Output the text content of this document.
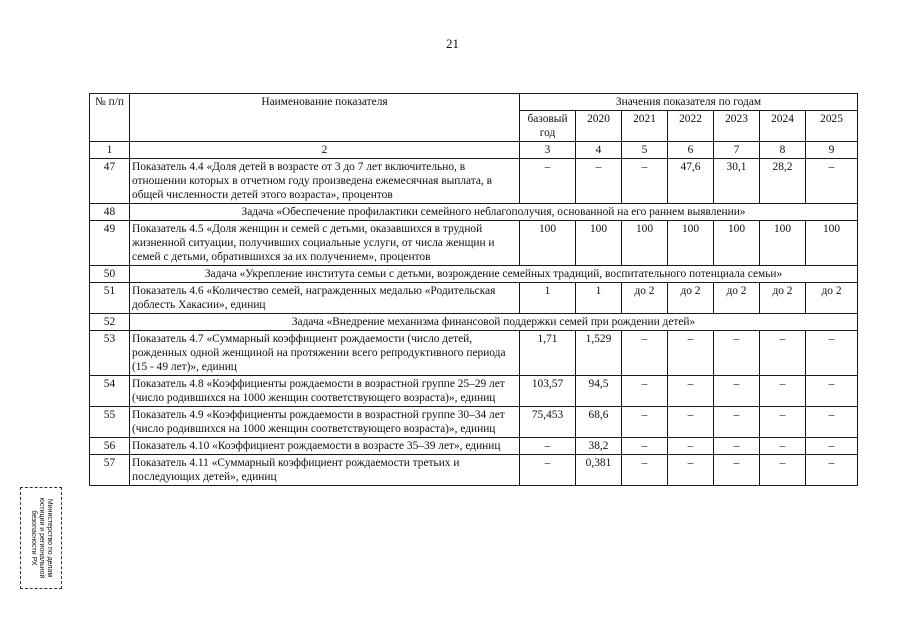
21
№ п/п	Наименование показателя	Значения показателя по годам						
		базовый год	2020	2021	2022	2023	2024	2025
1	2	3	4	5	6	7	8	9
47	Показатель 4.4 «Доля детей в возрасте от 3 до 7 лет включительно, в отношении которых в отчетном году произведена ежемесячная выплата, в общей численности детей этого возраста», процентов	–	–	–	47,6	30,1	28,2	–
48	Задача «Обеспечение профилактики семейного неблагополучия, основанной на его раннем выявлении»							
49	Показатель 4.5 «Доля женщин и семей с детьми, оказавшихся в трудной жизненной ситуации, получивших социальные услуги, от числа женщин и семей с детьми, обратившихся за их получением», процентов	100	100	100	100	100	100	100
50	Задача «Укрепление института семьи с детьми, возрождение семейных традиций, воспитательного потенциала семьи»							
51	Показатель 4.6 «Количество семей, награжденных медалью «Родительская доблесть Хакасии», единиц	1	1	до 2	до 2	до 2	до 2	до 2
52	Задача «Внедрение механизма финансовой поддержки семей при рождении детей»							
53	Показатель 4.7 «Суммарный коэффициент рождаемости (число детей, рожденных одной женщиной на протяжении всего репродуктивного периода (15 - 49 лет)», единиц	1,71	1,529	–	–	–	–	–
54	Показатель 4.8 «Коэффициенты рождаемости в возрастной группе 25–29 лет (число родившихся на 1000 женщин соответствующего возраста)», единиц	103,57	94,5	–	–	–	–	–
55	Показатель 4.9 «Коэффициенты рождаемости в возрастной группе 30–34 лет (число родившихся на 1000 женщин соответствующего возраста)», единиц	75,453	68,6	–	–	–	–	–
56	Показатель 4.10 «Коэффициент рождаемости в возрасте 35–39 лет», единиц	–	38,2	–	–	–	–	–
57	Показатель 4.11 «Суммарный коэффициент рождаемости третьих и последующих детей», единиц	–	0,381	–	–	–	–	–
Министерство по делам
юстиции и региональной
безопасности РХ
